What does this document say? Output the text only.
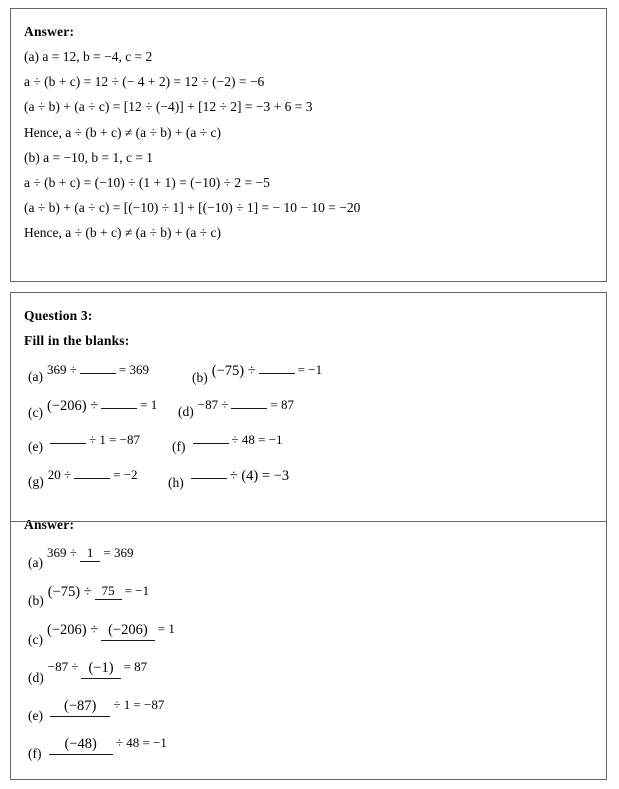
Answer:
(a) a = 12, b = −4, c = 2
a ÷ (b + c) = 12 ÷ (− 4 + 2) = 12 ÷ (−2) = −6
(a ÷ b) + (a ÷ c) = [12 ÷ (−4)] + [12 ÷ 2] = −3 + 6 = 3
Hence, a ÷ (b + c) ≠ (a ÷ b) + (a ÷ c)
(b) a = −10, b = 1, c = 1
a ÷ (b + c) = (−10) ÷ (1 + 1) = (−10) ÷ 2 = −5
(a ÷ b) + (a ÷ c) = [(−10) ÷ 1] + [(−10) ÷ 1] = − 10 − 10 = −20
Hence, a ÷ (b + c) ≠ (a ÷ b) + (a ÷ c)
Question 3:
Fill in the blanks:
(a) 369 ÷	= 369
(b) (−75) ÷	= −1
(c) (−206) ÷	= 1 (d) −87 ÷	= 87
(e)	÷ 1 = −87 (f)	÷ 48 = −1
(g) 20 ÷	= −2
(h)	÷ (4) = −3
Answer:
(a)
369 ÷ 1 = 369
(b) (−75) ÷ 75 = −1
(c)
(−206) ÷ (−206) = 1
(d)
−87 ÷ (−1) = 87
(e)
(−87)	÷ 1 = −87
(f)
(−48)	÷ 48 = −1
